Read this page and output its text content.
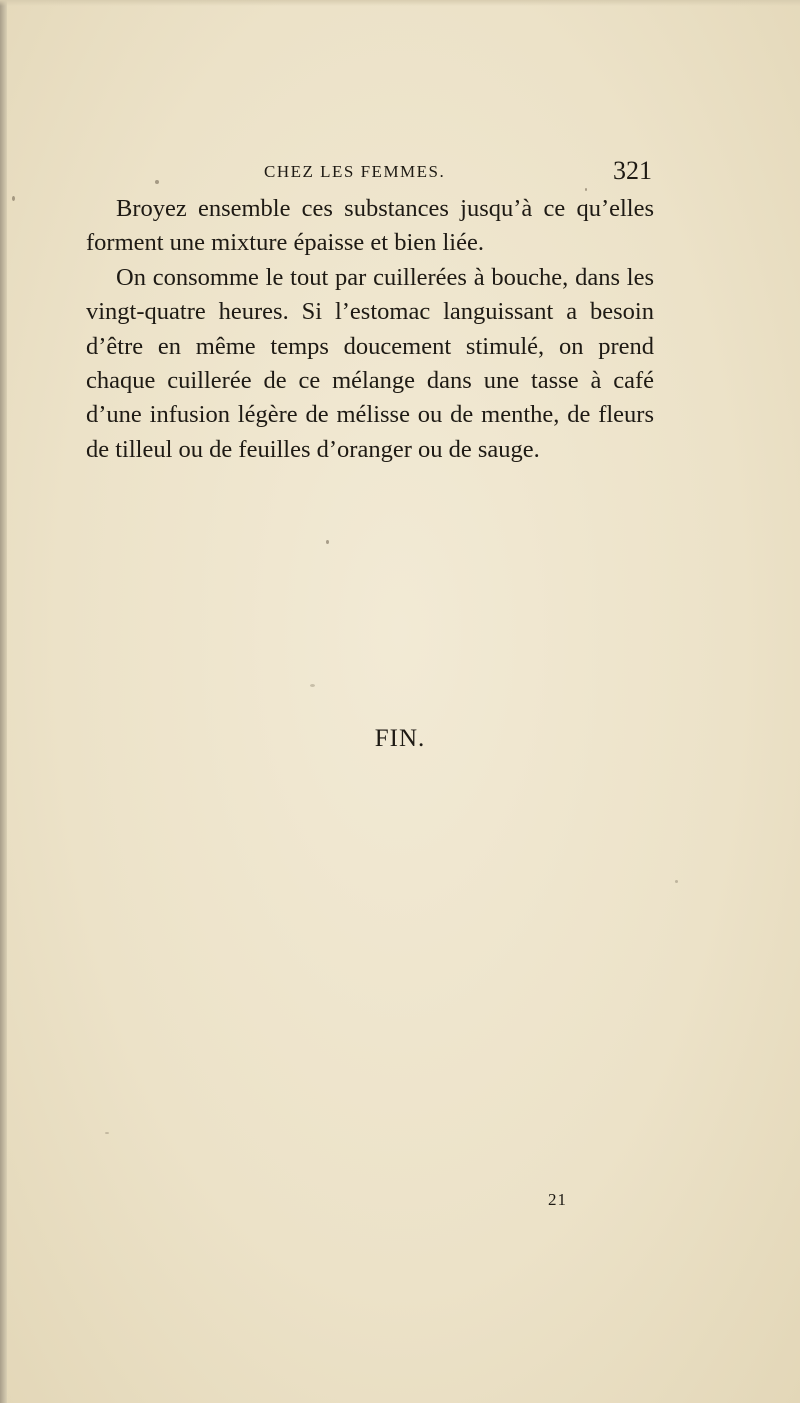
CHEZ LES FEMMES.	321

Broyez ensemble ces substances jusqu’à ce qu’elles forment une mixture épaisse et bien liée.

On consomme le tout par cuillerées à bouche, dans les vingt-quatre heures. Si l’estomac languissant a besoin d’être en même temps doucement stimulé, on prend chaque cuillerée de ce mélange dans une tasse à café d’une infusion légère de mélisse ou de menthe, de fleurs de tilleul ou de feuilles d’oranger ou de sauge.

FIN.
21
